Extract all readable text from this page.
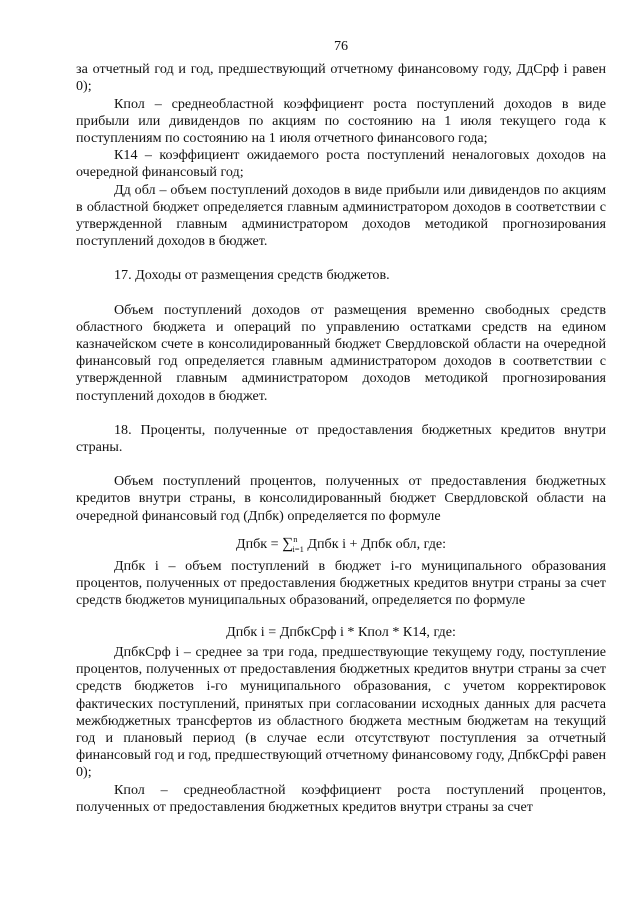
76

за отчетный год и год, предшествующий отчетному финансовому году, ДдСрф i равен 0);

Кпол – среднеобластной коэффициент роста поступлений доходов в виде прибыли или дивидендов по акциям по состоянию на 1 июля текущего года к поступлениям по состоянию на 1 июля отчетного финансового года;

К14 – коэффициент ожидаемого роста поступлений неналоговых доходов на очередной финансовый год;

Дд обл – объем поступлений доходов в виде прибыли или дивидендов по акциям в областной бюджет определяется главным администратором доходов в соответствии с утвержденной главным администратором доходов методикой прогнозирования поступлений доходов в бюджет.

17. Доходы от размещения средств бюджетов.

Объем поступлений доходов от размещения временно свободных средств областного бюджета и операций по управлению остатками средств на едином казначейском счете в консолидированный бюджет Свердловской области на очередной финансовый год определяется главным администратором доходов в соответствии с утвержденной главным администратором доходов методикой прогнозирования поступлений доходов в бюджет.

18. Проценты, полученные от предоставления бюджетных кредитов внутри страны.

Объем поступлений процентов, полученных от предоставления бюджетных кредитов внутри страны, в консолидированный бюджет Свердловской области на очередной финансовый год (Дпбк) определяется по формуле

Дпбк = ∑$^n_{i=1}$ Дпбк i + Дпбк обл, где:

Дпбк i – объем поступлений в бюджет i-го муниципального образования процентов, полученных от предоставления бюджетных кредитов внутри страны за счет средств бюджетов муниципальных образований, определяется по формуле

Дпбк i = ДпбкСрф i * Кпол * К14, где:

ДпбкСрф i – среднее за три года, предшествующие текущему году, поступление процентов, полученных от предоставления бюджетных кредитов внутри страны за счет средств бюджетов i-го муниципального образования, с учетом корректировок фактических поступлений, принятых при согласовании исходных данных для расчета межбюджетных трансфертов из областного бюджета местным бюджетам на текущий год и плановый период (в случае если отсутствуют поступления за отчетный финансовый год и год, предшествующий отчетному финансовому году, ДпбкСрфi равен 0);

Кпол – среднеобластной коэффициент роста поступлений процентов, полученных от предоставления бюджетных кредитов внутри страны за счет
